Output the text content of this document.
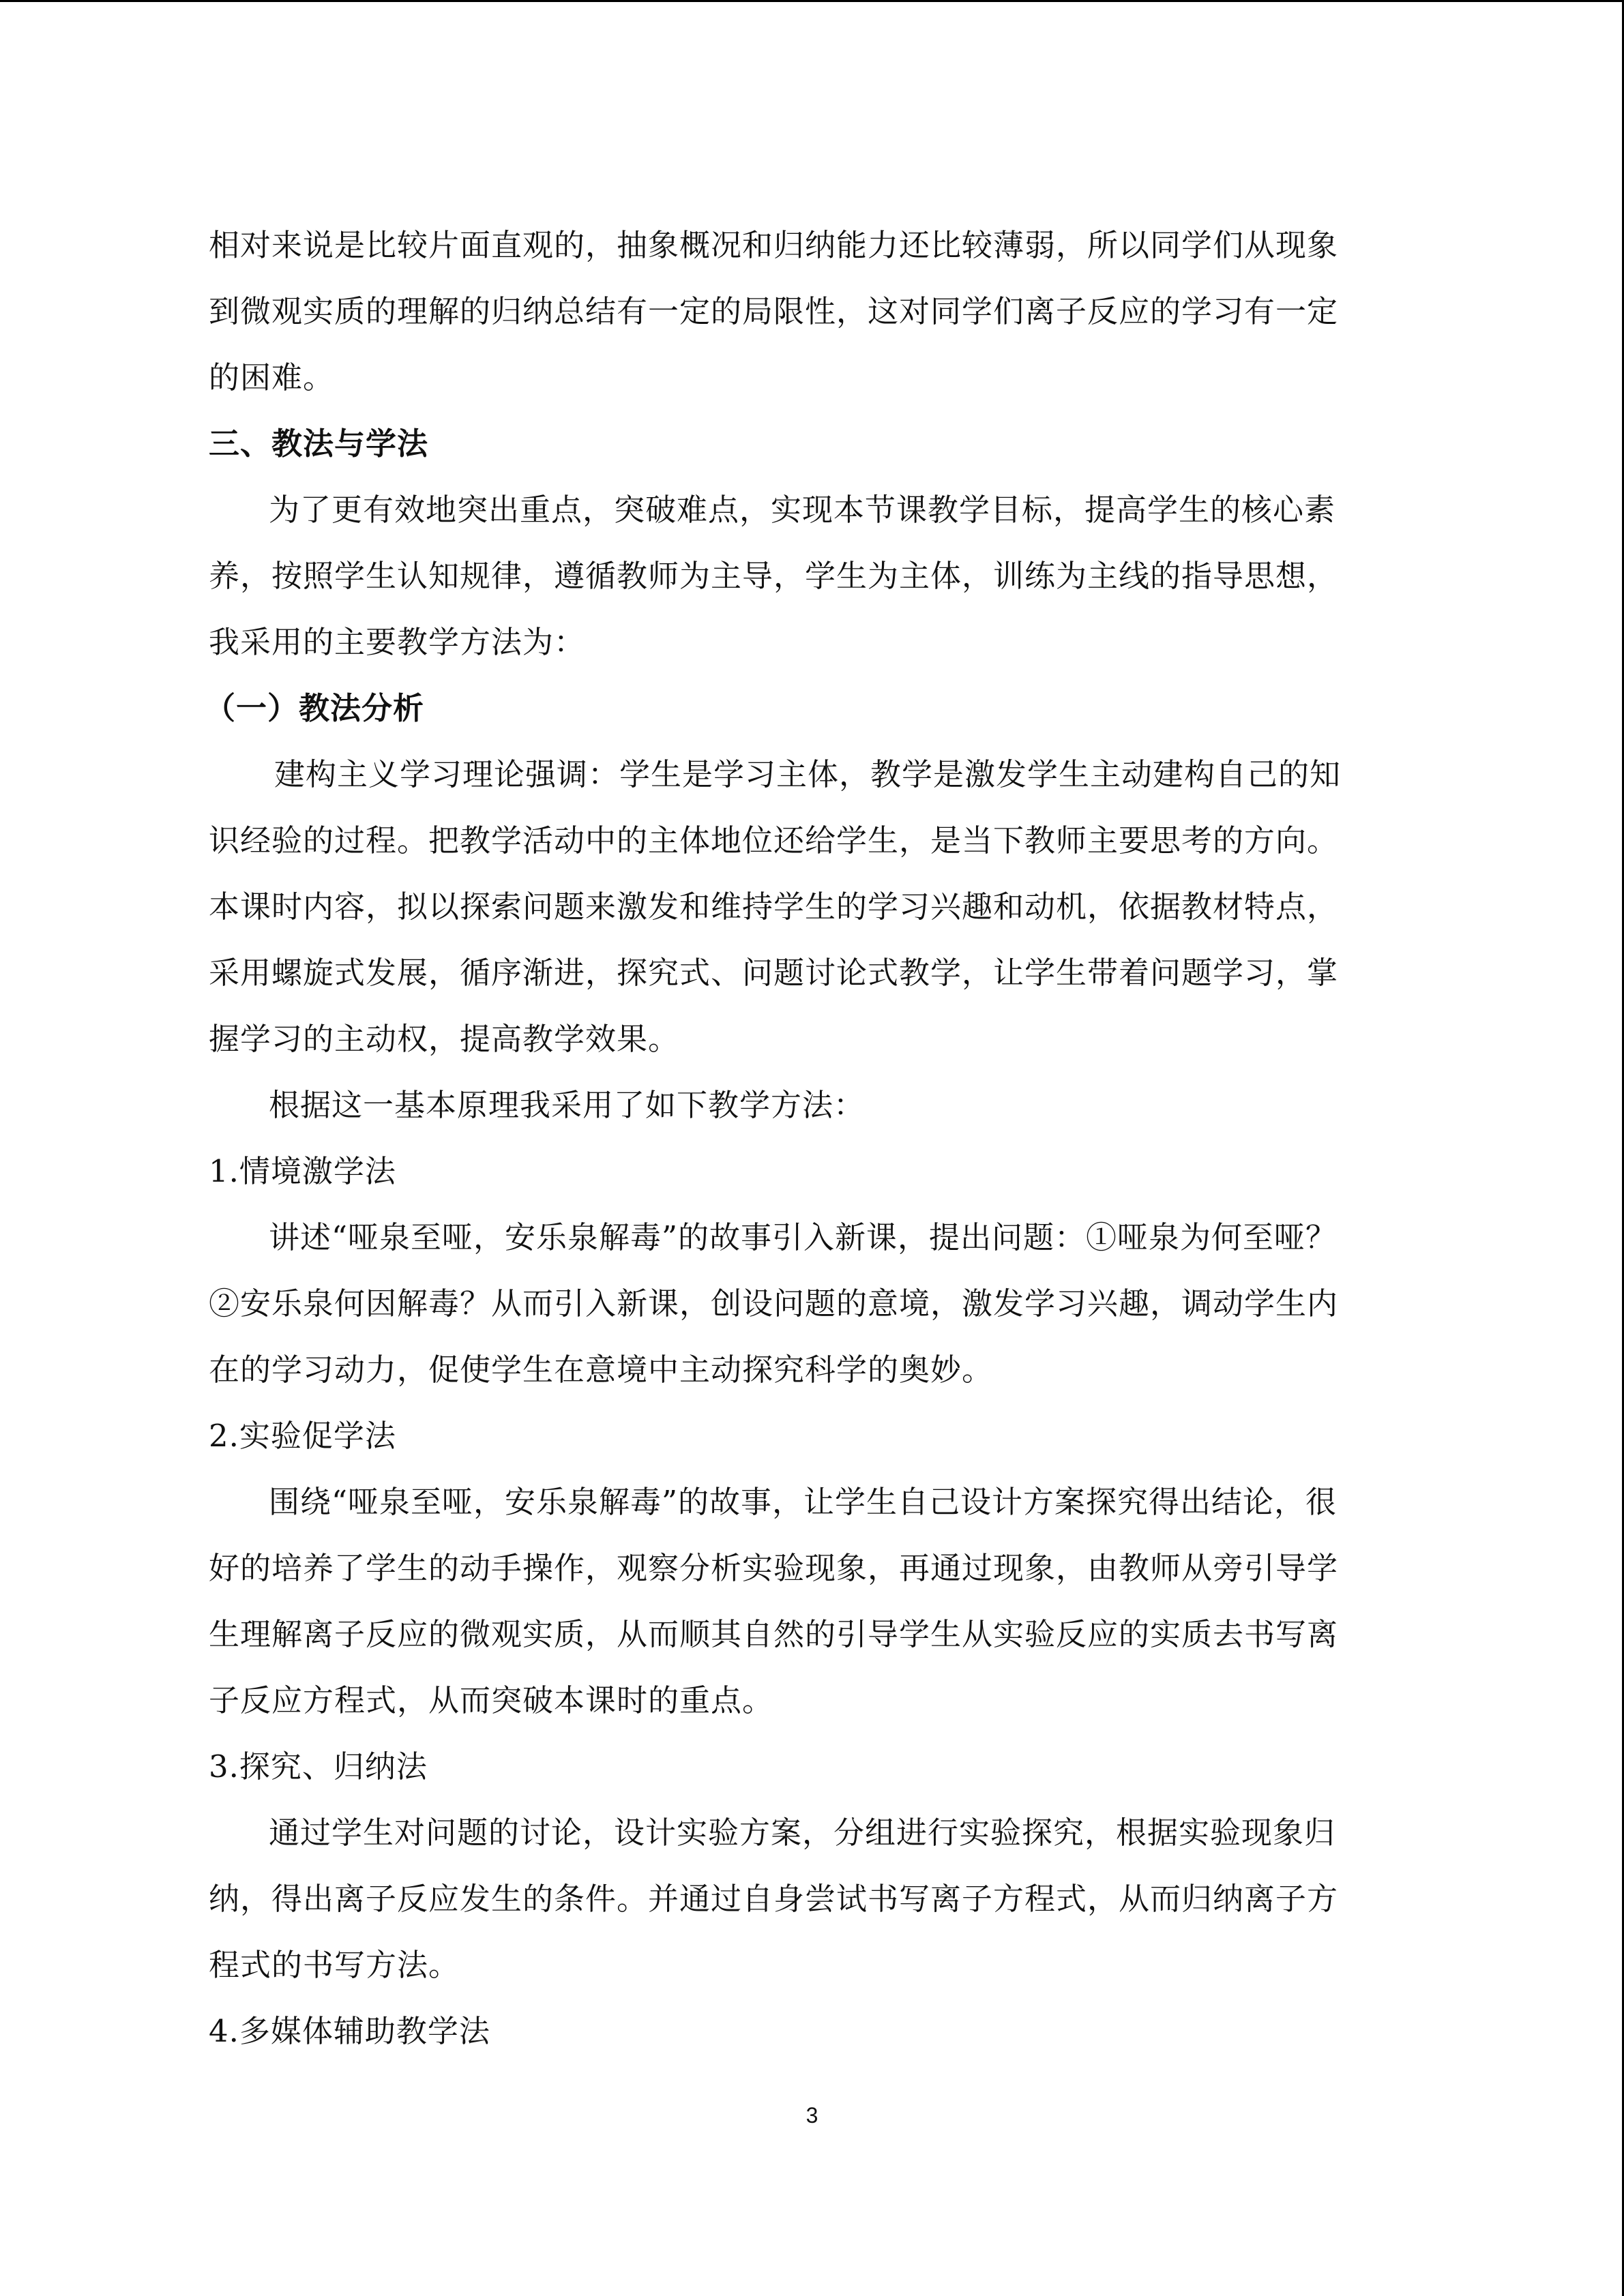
相对来说是比较片面直观的，抽象概况和归纳能力还比较薄弱，所以同学们从现象
到微观实质的理解的归纳总结有一定的局限性，这对同学们离子反应的学习有一定
的困难。
三、教法与学法
为了更有效地突出重点，突破难点，实现本节课教学目标，提高学生的核心素
养，按照学生认知规律，遵循教师为主导，学生为主体，训练为主线的指导思想，
我采用的主要教学方法为：
（一）教法分析
建构主义学习理论强调：学生是学习主体，教学是激发学生主动建构自己的知
识经验的过程。把教学活动中的主体地位还给学生，是当下教师主要思考的方向。
本课时内容，拟以探索问题来激发和维持学生的学习兴趣和动机，依据教材特点，
采用螺旋式发展，循序渐进，探究式、问题讨论式教学，让学生带着问题学习，掌
握学习的主动权，提高教学效果。
根据这一基本原理我采用了如下教学方法：
1.情境激学法
讲述“哑泉至哑，安乐泉解毒”的故事引入新课，提出问题：①哑泉为何至哑？
②安乐泉何因解毒？从而引入新课，创设问题的意境，激发学习兴趣，调动学生内
在的学习动力，促使学生在意境中主动探究科学的奥妙。
2.实验促学法
围绕“哑泉至哑，安乐泉解毒”的故事，让学生自己设计方案探究得出结论，很
好的培养了学生的动手操作，观察分析实验现象，再通过现象，由教师从旁引导学
生理解离子反应的微观实质，从而顺其自然的引导学生从实验反应的实质去书写离
子反应方程式，从而突破本课时的重点。
3.探究、归纳法
通过学生对问题的讨论，设计实验方案，分组进行实验探究，根据实验现象归
纳，得出离子反应发生的条件。并通过自身尝试书写离子方程式，从而归纳离子方
程式的书写方法。
4.多媒体辅助教学法
3
